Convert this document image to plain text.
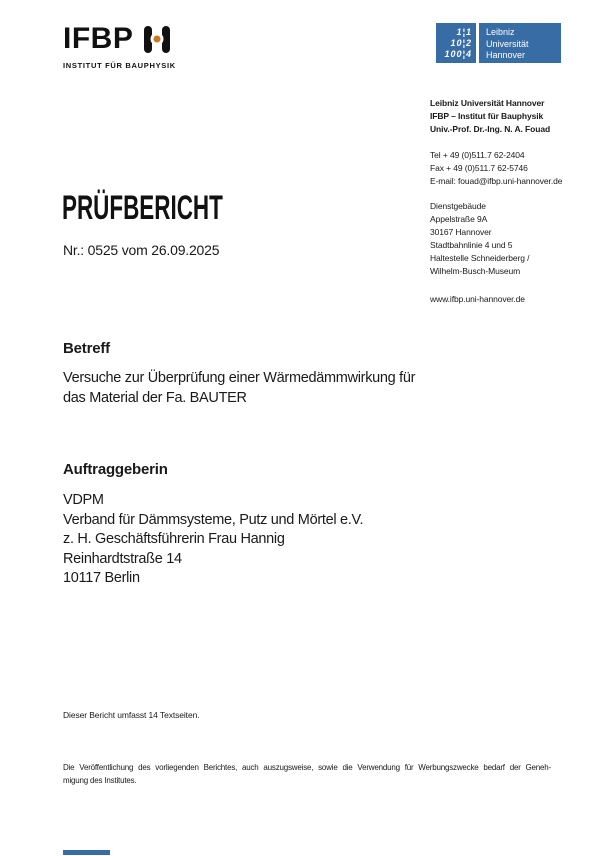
IFBP
INSTITUT FÜR BAUPHYSIK
1¦1
10¦2
100¦4
Leibniz
Universität
Hannover
Leibniz Universität Hannover
IFBP – Institut für Bauphysik
Univ.-Prof. Dr.-Ing. N. A. Fouad
Tel + 49 (0)511.7 62-2404
Fax + 49 (0)511.7 62-5746
E-mail: fouad@ifbp.uni-hannover.de
Dienstgebäude
Appelstraße 9A
30167 Hannover
Stadtbahnlinie 4 und 5
Haltestelle Schneiderberg /
Wilhelm-Busch-Museum
www.ifbp.uni-hannover.de
PRÜFBERICHT
Nr.: 0525 vom 26.09.2025
Betreff
Versuche zur Überprüfung einer Wärmedämmwirkung für
das Material der Fa. BAUTER
Auftraggeberin
VDPM
Verband für Dämmsysteme, Putz und Mörtel e.V.
z. H. Geschäftsführerin Frau Hannig
Reinhardtstraße 14
10117 Berlin
Dieser Bericht umfasst 14 Textseiten.
Die Veröffentlichung des vorliegenden Berichtes, auch auszugsweise, sowie die Verwendung für Werbungszwecke bedarf der Geneh-
migung des Institutes.
